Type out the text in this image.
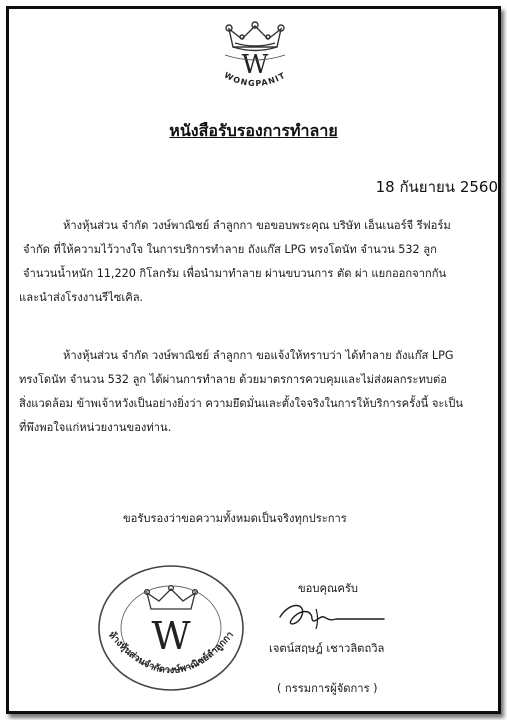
W
WONGPANIT
หนังสือรับรองการทำลาย
18 กันยายน 2560
ห้างหุ้นส่วน จำกัด วงษ์พาณิชย์ ลำลูกกา ขอขอบพระคุณ บริษัท เอ็นเนอร์จี รีฟอร์ม
จำกัด ที่ให้ความไว้วางใจ ในการบริการทำลาย ถังแก๊ส LPG ทรงโดนัท จำนวน 532 ลูก
จำนวนน้ำหนัก 11,220 กิโลกรัม เพื่อนำมาทำลาย ผ่านขบวนการ ตัด ผ่า แยกออกจากกัน
และนำส่งโรงงานรีไซเคิล.
ห้างหุ้นส่วน จำกัด วงษ์พาณิชย์ ลำลูกกา ขอแจ้งให้ทราบว่า ได้ทำลาย ถังแก๊ส LPG
ทรงโดนัท จำนวน 532 ลูก ได้ผ่านการทำลาย ด้วยมาตรการควบคุมและไม่ส่งผลกระทบต่อ
สิ่งแวดล้อม ข้าพเจ้าหวังเป็นอย่างยิ่งว่า ความยึดมั่นและตั้งใจจริงในการให้บริการครั้งนี้ จะเป็น
ที่พึงพอใจแก่หน่วยงานของท่าน.
ขอรับรองว่าขอความทั้งหมดเป็นจริงทุกประการ
W
ห้างหุ้นส่วนจำกัดวงษ์พาณิชย์ลำลูกกา
ขอบคุณครับ
เจตน์สฤษฎ์ เชาวลิตถวิล
( กรรมการผู้จัดการ )
